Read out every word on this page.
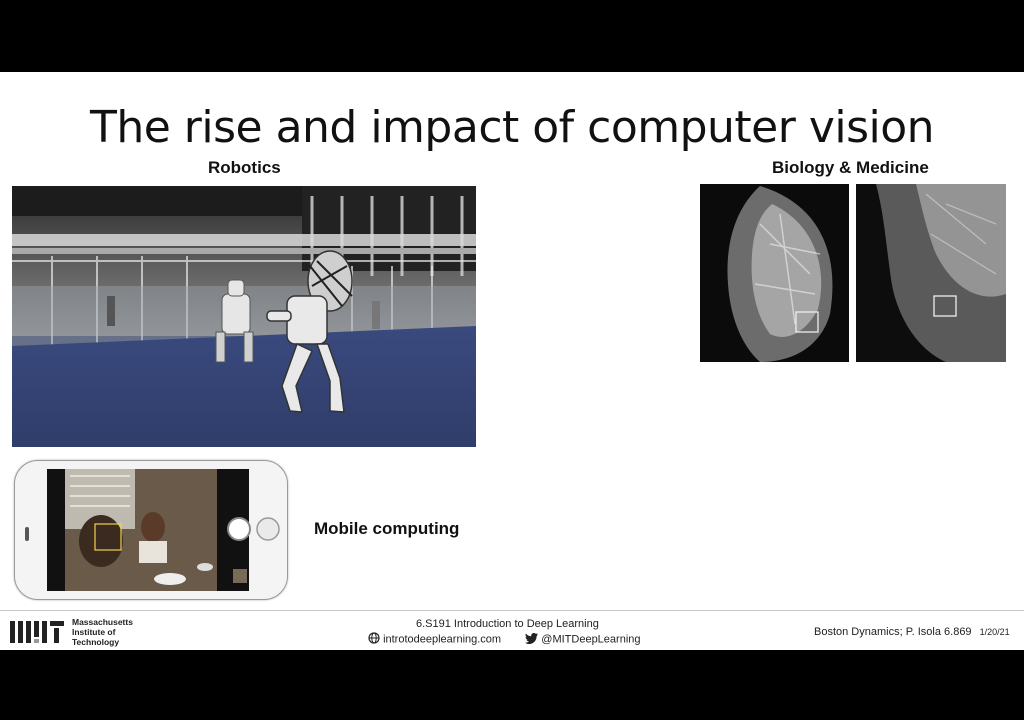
The rise and impact of computer vision
Robotics	Biology & Medicine
Mobile computing
Massachusetts
Institute of
Technology
6.S191 Introduction to Deep Learning
introtodeeplearning.com	@MITDeepLearning
Boston Dynamics; P. Isola 6.869 1/20/21
